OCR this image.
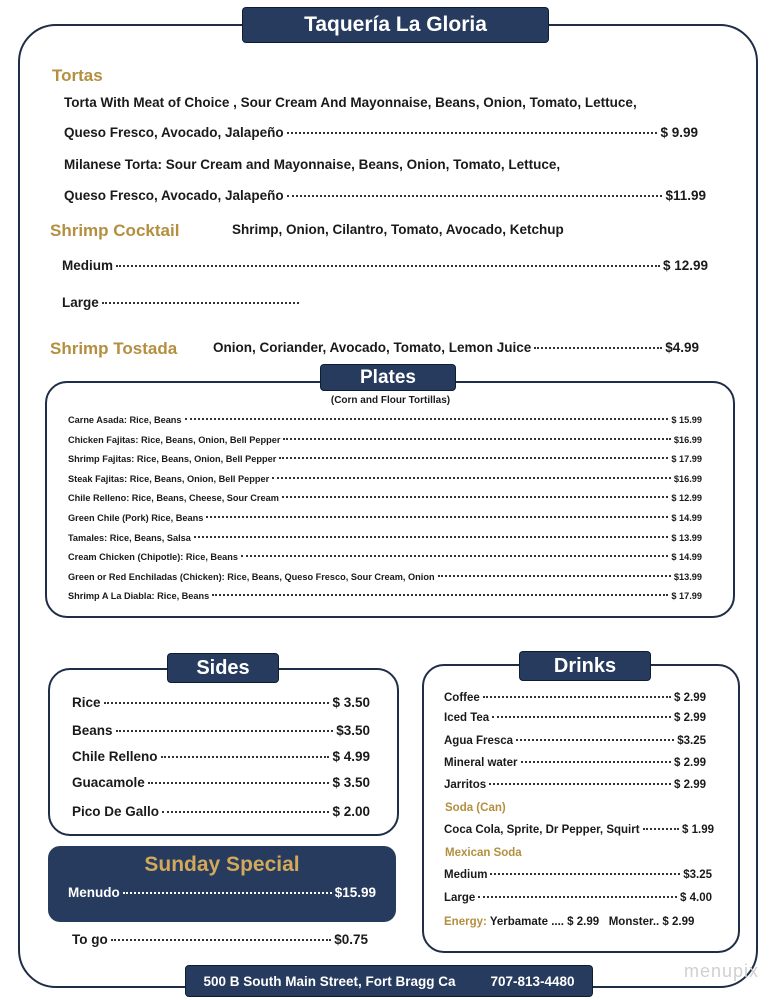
Taquería La Gloria
Tortas
Torta With Meat of Choice , Sour Cream And Mayonnaise, Beans, Onion, Tomato, Lettuce,
Queso Fresco, Avocado, Jalapeño	$ 9.99
Milanese Torta: Sour Cream and Mayonnaise, Beans, Onion, Tomato, Lettuce,
Queso Fresco, Avocado, Jalapeño	$11.99
Shrimp Cocktail	Shrimp, Onion, Cilantro, Tomato, Avocado, Ketchup
Medium	$ 12.99
Large
Shrimp Tostada	Onion, Coriander, Avocado, Tomato, Lemon Juice	$4.99
Plates
(Corn and Flour Tortillas)
Carne Asada: Rice, Beans	$ 15.99
Chicken Fajitas: Rice, Beans, Onion, Bell Pepper	$16.99
Shrimp Fajitas: Rice, Beans, Onion, Bell Pepper	$ 17.99
Steak Fajitas: Rice, Beans, Onion, Bell Pepper	$16.99
Chile Relleno: Rice, Beans, Cheese, Sour Cream	$ 12.99
Green Chile (Pork) Rice, Beans	$ 14.99
Tamales: Rice, Beans, Salsa	$ 13.99
Cream Chicken (Chipotle): Rice, Beans	$ 14.99
Green or Red Enchiladas (Chicken): Rice, Beans, Queso Fresco, Sour Cream, Onion	$13.99
Shrimp A La Diabla: Rice, Beans	$ 17.99
Sides
Rice	$ 3.50
Beans	$3.50
Chile Relleno	$ 4.99
Guacamole	$ 3.50
Pico De Gallo	$ 2.00
Sunday Special
Menudo	$15.99
To go	$0.75
Drinks
Coffee	$ 2.99
Iced Tea	$ 2.99
Agua Fresca	$3.25
Mineral water	$ 2.99
Jarritos	$ 2.99
Soda (Can)
Coca Cola, Sprite, Dr Pepper, Squirt	$ 1.99
Mexican Soda
Medium	$3.25
Large	$ 4.00
Energy: Yerbamate .... $ 2.99   Monster.. $ 2.99
500 B South Main Street, Fort Bragg Ca	707-813-4480	menupix
